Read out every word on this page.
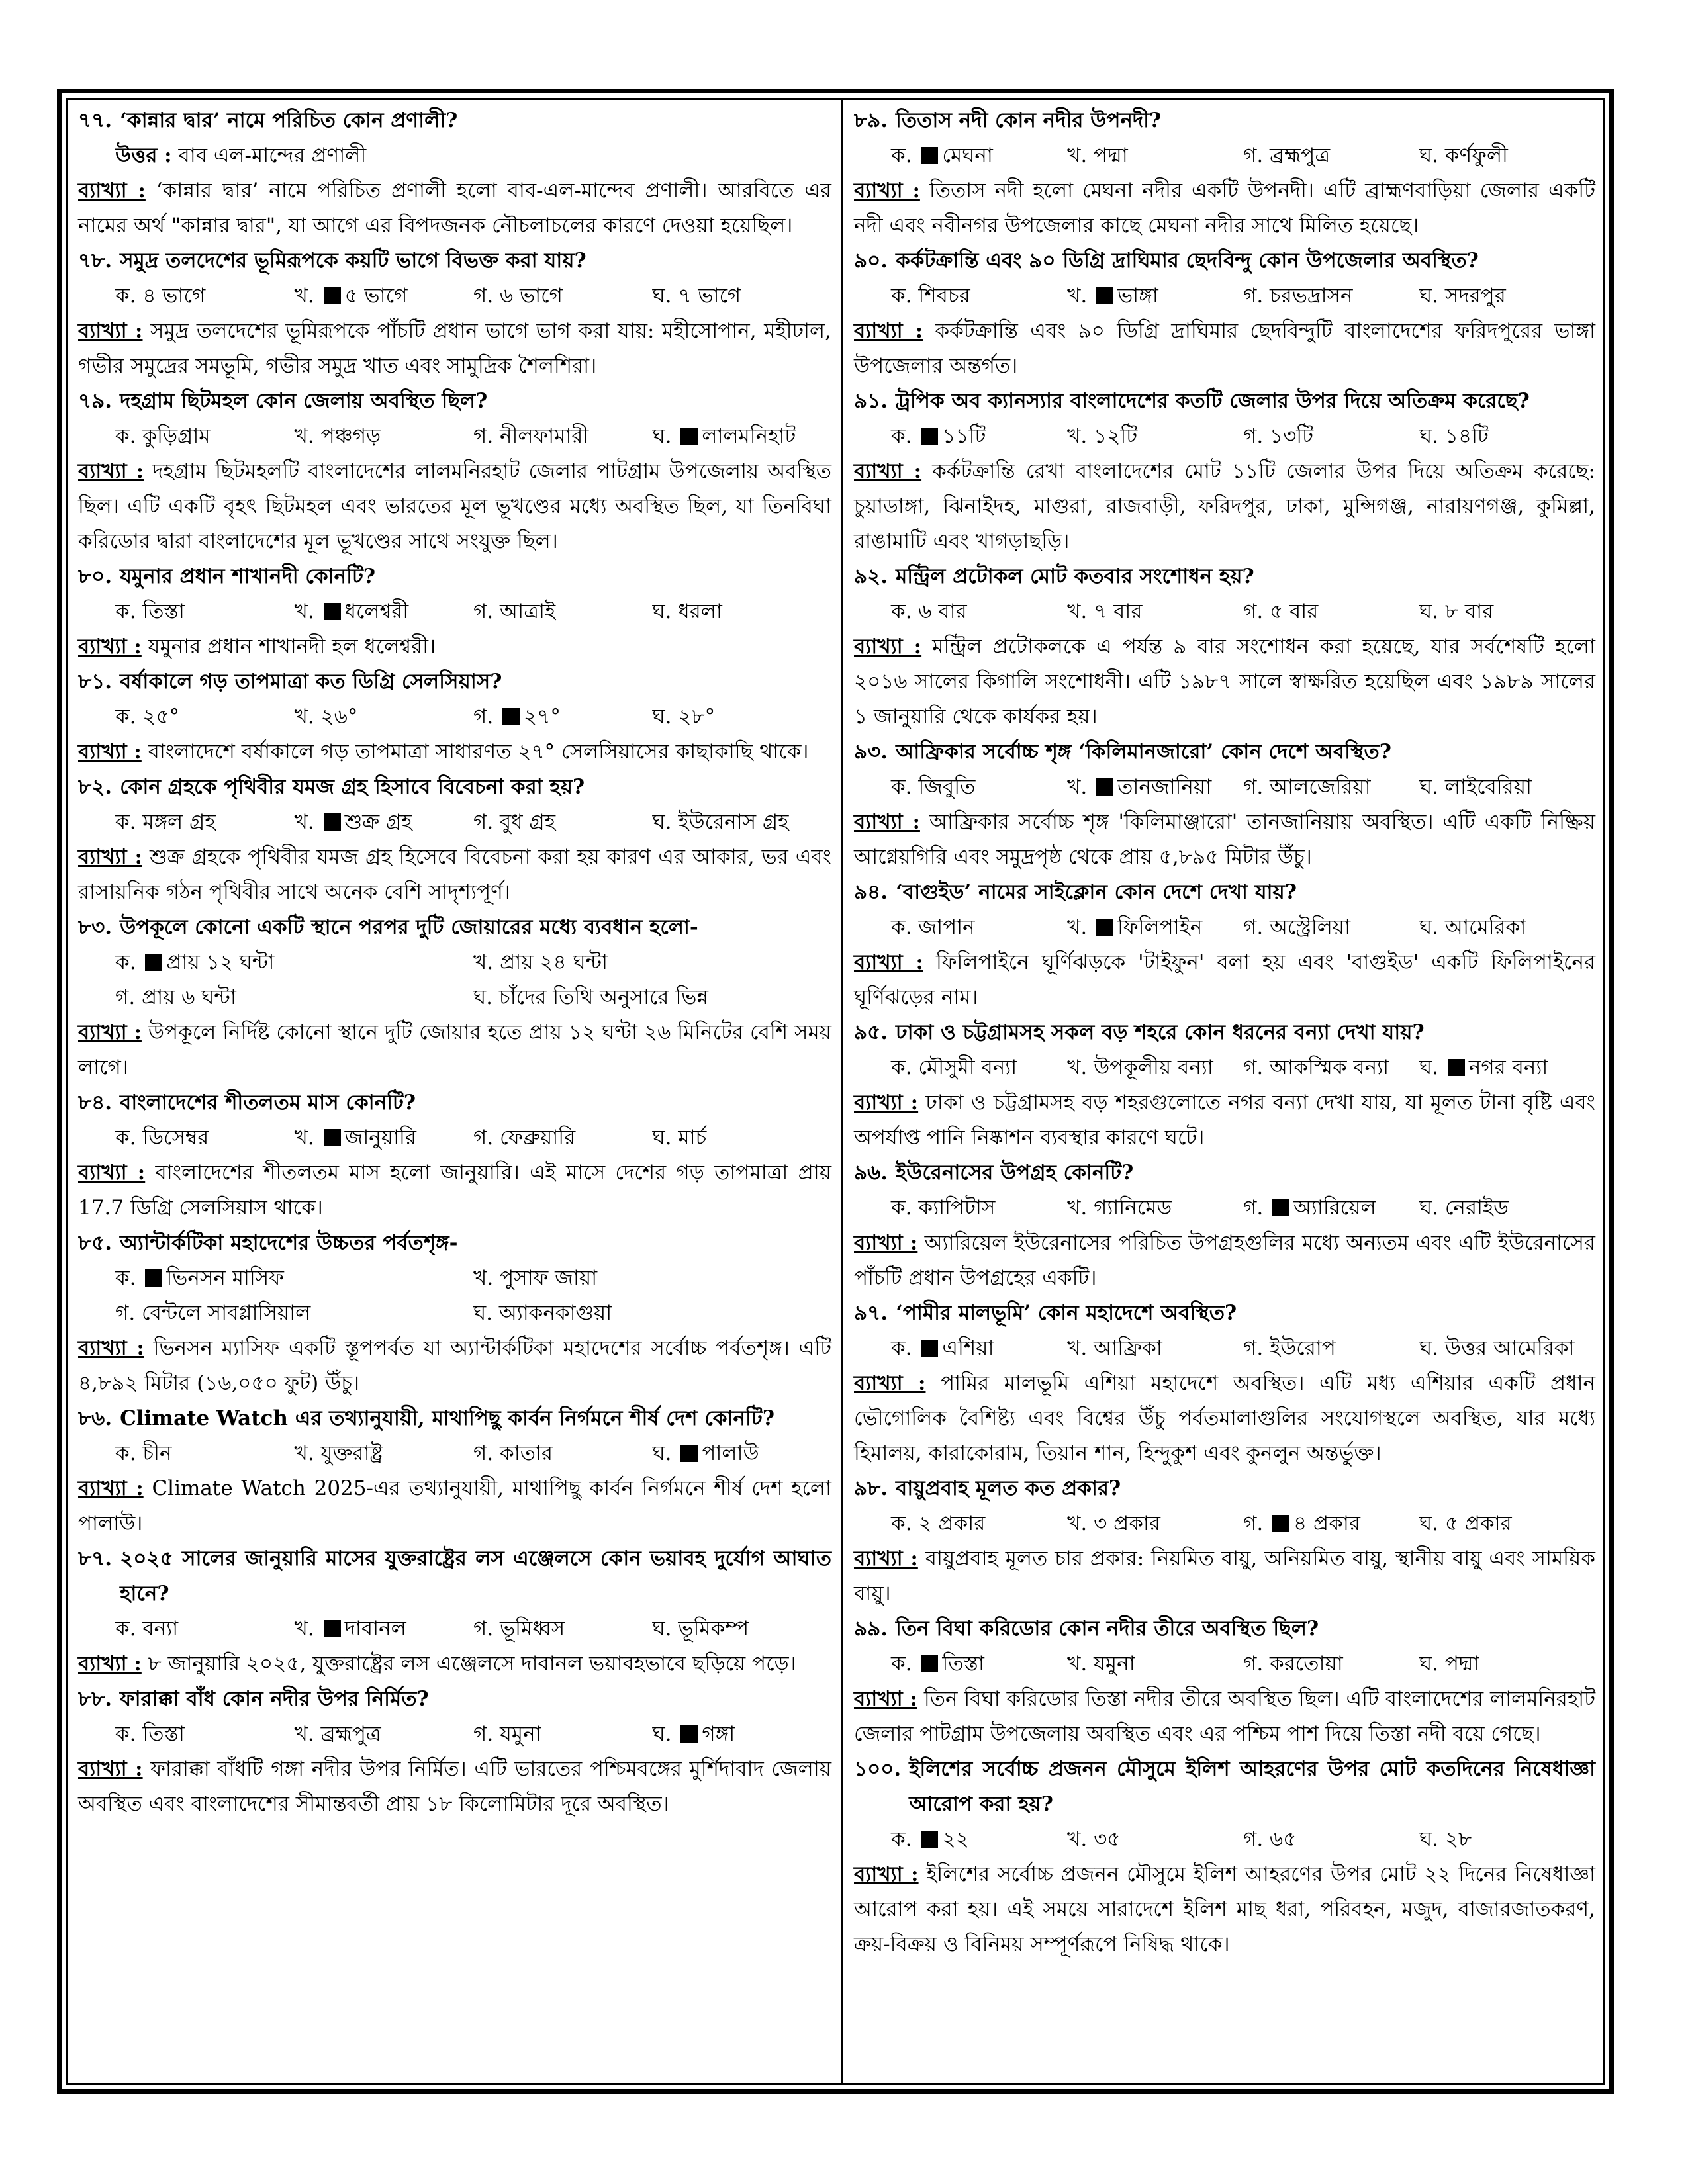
৭৭. ‘কান্নার দ্বার’ নামে পরিচিত কোন প্রণালী?
উত্তর : বাব এল-মান্দের প্রণালী
ব্যাখ্যা : ‘কান্নার দ্বার’ নামে পরিচিত প্রণালী হলো বাব-এল-মান্দেব প্রণালী। আরবিতে এর নামের অর্থ "কান্নার দ্বার", যা আগে এর বিপদজনক নৌচলাচলের কারণে দেওয়া হয়েছিল।
৭৮. সমুদ্র তলদেশের ভূমিরূপকে কয়টি ভাগে বিভক্ত করা যায়?
ক. ৪ ভাগে	খ. ৫ ভাগে	গ. ৬ ভাগে	ঘ. ৭ ভাগে
ব্যাখ্যা : সমুদ্র তলদেশের ভূমিরূপকে পাঁচটি প্রধান ভাগে ভাগ করা যায়: মহীসোপান, মহীঢাল, গভীর সমুদ্রের সমভূমি, গভীর সমুদ্র খাত এবং সামুদ্রিক শৈলশিরা।
৭৯. দহগ্রাম ছিটমহল কোন জেলায় অবস্থিত ছিল?
ক. কুড়িগ্রাম	খ. পঞ্চগড়	গ. নীলফামারী	ঘ. লালমনিহাট
ব্যাখ্যা : দহগ্রাম ছিটমহলটি বাংলাদেশের লালমনিরহাট জেলার পাটগ্রাম উপজেলায় অবস্থিত ছিল। এটি একটি বৃহৎ ছিটমহল এবং ভারতের মূল ভূখণ্ডের মধ্যে অবস্থিত ছিল, যা তিনবিঘা করিডোর দ্বারা বাংলাদেশের মূল ভূখণ্ডের সাথে সংযুক্ত ছিল।
৮০. যমুনার প্রধান শাখানদী কোনটি?
ক. তিস্তা	খ. ধলেশ্বরী	গ. আত্রাই	ঘ. ধরলা
ব্যাখ্যা : যমুনার প্রধান শাখানদী হল ধলেশ্বরী।
৮১. বর্ষাকালে গড় তাপমাত্রা কত ডিগ্রি সেলসিয়াস?
ক. ২৫°	খ. ২৬°	গ. ২৭°	ঘ. ২৮°
ব্যাখ্যা : বাংলাদেশে বর্ষাকালে গড় তাপমাত্রা সাধারণত ২৭° সেলসিয়াসের কাছাকাছি থাকে।
৮২. কোন গ্রহকে পৃথিবীর যমজ গ্রহ হিসাবে বিবেচনা করা হয়?
ক. মঙ্গল গ্রহ	খ. শুক্র গ্রহ	গ. বুধ গ্রহ	ঘ. ইউরেনাস গ্রহ
ব্যাখ্যা : শুক্র গ্রহকে পৃথিবীর যমজ গ্রহ হিসেবে বিবেচনা করা হয় কারণ এর আকার, ভর এবং রাসায়নিক গঠন পৃথিবীর সাথে অনেক বেশি সাদৃশ্যপূর্ণ।
৮৩. উপকূলে কোনো একটি স্থানে পরপর দুটি জোয়ারের মধ্যে ব্যবধান হলো-
ক. প্রায় ১২ ঘন্টা	খ. প্রায় ২৪ ঘন্টা
গ. প্রায় ৬ ঘন্টা	ঘ. চাঁদের তিথি অনুসারে ভিন্ন
ব্যাখ্যা : উপকূলে নির্দিষ্ট কোনো স্থানে দুটি জোয়ার হতে প্রায় ১২ ঘণ্টা ২৬ মিনিটের বেশি সময় লাগে।
৮৪. বাংলাদেশের শীতলতম মাস কোনটি?
ক. ডিসেম্বর	খ. জানুয়ারি	গ. ফেব্রুয়ারি	ঘ. মার্চ
ব্যাখ্যা : বাংলাদেশের শীতলতম মাস হলো জানুয়ারি। এই মাসে দেশের গড় তাপমাত্রা প্রায় 17.7 ডিগ্রি সেলসিয়াস থাকে।
৮৫. অ্যান্টার্কটিকা মহাদেশের উচ্চতর পর্বতশৃঙ্গ-
ক. ভিনসন মাসিফ	খ. পুসাফ জায়া
গ. বেন্টলে সাবগ্লাসিয়াল	ঘ. অ্যাকনকাগুয়া
ব্যাখ্যা : ভিনসন ম্যাসিফ একটি স্তূপপর্বত যা অ্যান্টার্কটিকা মহাদেশের সর্বোচ্চ পর্বতশৃঙ্গ। এটি ৪,৮৯২ মিটার (১৬,০৫০ ফুট) উঁচু।
৮৬. Climate Watch এর তথ্যানুযায়ী, মাথাপিছু কার্বন নির্গমনে শীর্ষ দেশ কোনটি?
ক. চীন	খ. যুক্তরাষ্ট্র	গ. কাতার	ঘ. পালাউ
ব্যাখ্যা : Climate Watch 2025-এর তথ্যানুযায়ী, মাথাপিছু কার্বন নির্গমনে শীর্ষ দেশ হলো পালাউ।
৮৭. ২০২৫ সালের জানুয়ারি মাসের যুক্তরাষ্ট্রের লস এঞ্জেলসে কোন ভয়াবহ দুর্যোগ আঘাত হানে?
ক. বন্যা	খ. দাবানল	গ. ভূমিধ্বস	ঘ. ভূমিকম্প
ব্যাখ্যা : ৮ জানুয়ারি ২০২৫, যুক্তরাষ্ট্রের লস এঞ্জেলসে দাবানল ভয়াবহভাবে ছড়িয়ে পড়ে।
৮৮. ফারাক্কা বাঁধ কোন নদীর উপর নির্মিত?
ক. তিস্তা	খ. ব্রহ্মপুত্র	গ. যমুনা	ঘ. গঙ্গা
ব্যাখ্যা : ফারাক্কা বাঁধটি গঙ্গা নদীর উপর নির্মিত। এটি ভারতের পশ্চিমবঙ্গের মুর্শিদাবাদ জেলায় অবস্থিত এবং বাংলাদেশের সীমান্তবর্তী প্রায় ১৮ কিলোমিটার দূরে অবস্থিত।
৮৯. তিতাস নদী কোন নদীর উপনদী?
ক. মেঘনা	খ. পদ্মা	গ. ব্রহ্মপুত্র	ঘ. কর্ণফুলী
ব্যাখ্যা : তিতাস নদী হলো মেঘনা নদীর একটি উপনদী। এটি ব্রাহ্মণবাড়িয়া জেলার একটি নদী এবং নবীনগর উপজেলার কাছে মেঘনা নদীর সাথে মিলিত হয়েছে।
৯০. কর্কটক্রান্তি এবং ৯০ ডিগ্রি দ্রাঘিমার ছেদবিন্দু কোন উপজেলার অবস্থিত?
ক. শিবচর	খ. ভাঙ্গা	গ. চরভদ্রাসন	ঘ. সদরপুর
ব্যাখ্যা : কর্কটক্রান্তি এবং ৯০ ডিগ্রি দ্রাঘিমার ছেদবিন্দুটি বাংলাদেশের ফরিদপুরের ভাঙ্গা উপজেলার অন্তর্গত।
৯১. ট্রপিক অব ক্যানস্যার বাংলাদেশের কতটি জেলার উপর দিয়ে অতিক্রম করেছে?
ক. ১১টি	খ. ১২টি	গ. ১৩টি	ঘ. ১৪টি
ব্যাখ্যা : কর্কটক্রান্তি রেখা বাংলাদেশের মোট ১১টি জেলার উপর দিয়ে অতিক্রম করেছে: চুয়াডাঙ্গা, ঝিনাইদহ, মাগুরা, রাজবাড়ী, ফরিদপুর, ঢাকা, মুন্সিগঞ্জ, নারায়ণগঞ্জ, কুমিল্লা, রাঙামাটি এবং খাগড়াছড়ি।
৯২. মন্ট্রিল প্রটোকল মোট কতবার সংশোধন হয়?
ক. ৬ বার	খ. ৭ বার	গ. ৫ বার	ঘ. ৮ বার
ব্যাখ্যা : মন্ট্রিল প্রটোকলকে এ পর্যন্ত ৯ বার সংশোধন করা হয়েছে, যার সর্বশেষটি হলো ২০১৬ সালের কিগালি সংশোধনী। এটি ১৯৮৭ সালে স্বাক্ষরিত হয়েছিল এবং ১৯৮৯ সালের ১ জানুয়ারি থেকে কার্যকর হয়।
৯৩. আফ্রিকার সর্বোচ্চ শৃঙ্গ ‘কিলিমানজারো’ কোন দেশে অবস্থিত?
ক. জিবুতি	খ. তানজানিয়া	গ. আলজেরিয়া	ঘ. লাইবেরিয়া
ব্যাখ্যা : আফ্রিকার সর্বোচ্চ শৃঙ্গ 'কিলিমাঞ্জারো' তানজানিয়ায় অবস্থিত। এটি একটি নিষ্ক্রিয় আগ্নেয়গিরি এবং সমুদ্রপৃষ্ঠ থেকে প্রায় ৫,৮৯৫ মিটার উঁচু।
৯৪. ‘বাগুইড’ নামের সাইক্লোন কোন দেশে দেখা যায়?
ক. জাপান	খ. ফিলিপাইন	গ. অস্ট্রেলিয়া	ঘ. আমেরিকা
ব্যাখ্যা : ফিলিপাইনে ঘূর্ণিঝড়কে 'টাইফুন' বলা হয় এবং 'বাগুইড' একটি ফিলিপাইনের ঘূর্ণিঝড়ের নাম।
৯৫. ঢাকা ও চট্টগ্রামসহ সকল বড় শহরে কোন ধরনের বন্যা দেখা যায়?
ক. মৌসুমী বন্যা	খ. উপকূলীয় বন্যা	গ. আকস্মিক বন্যা	ঘ. নগর বন্যা
ব্যাখ্যা : ঢাকা ও চট্টগ্রামসহ বড় শহরগুলোতে নগর বন্যা দেখা যায়, যা মূলত টানা বৃষ্টি এবং অপর্যাপ্ত পানি নিষ্কাশন ব্যবস্থার কারণে ঘটে।
৯৬. ইউরেনাসের উপগ্রহ কোনটি?
ক. ক্যাপিটাস	খ. গ্যানিমেড	গ. অ্যারিয়েল	ঘ. নেরাইড
ব্যাখ্যা : অ্যারিয়েল ইউরেনাসের পরিচিত উপগ্রহগুলির মধ্যে অন্যতম এবং এটি ইউরেনাসের পাঁচটি প্রধান উপগ্রহের একটি।
৯৭. ‘পামীর মালভূমি’ কোন মহাদেশে অবস্থিত?
ক. এশিয়া	খ. আফ্রিকা	গ. ইউরোপ	ঘ. উত্তর আমেরিকা
ব্যাখ্যা : পামির মালভূমি এশিয়া মহাদেশে অবস্থিত। এটি মধ্য এশিয়ার একটি প্রধান ভৌগোলিক বৈশিষ্ট্য এবং বিশ্বের উঁচু পর্বতমালাগুলির সংযোগস্থলে অবস্থিত, যার মধ্যে হিমালয়, কারাকোরাম, তিয়ান শান, হিন্দুকুশ এবং কুনলুন অন্তর্ভুক্ত।
৯৮. বায়ুপ্রবাহ মূলত কত প্রকার?
ক. ২ প্রকার	খ. ৩ প্রকার	গ. ৪ প্রকার	ঘ. ৫ প্রকার
ব্যাখ্যা : বায়ুপ্রবাহ মূলত চার প্রকার: নিয়মিত বায়ু, অনিয়মিত বায়ু, স্থানীয় বায়ু এবং সাময়িক বায়ু।
৯৯. তিন বিঘা করিডোর কোন নদীর তীরে অবস্থিত ছিল?
ক. তিস্তা	খ. যমুনা	গ. করতোয়া	ঘ. পদ্মা
ব্যাখ্যা : তিন বিঘা করিডোর তিস্তা নদীর তীরে অবস্থিত ছিল। এটি বাংলাদেশের লালমনিরহাট জেলার পাটগ্রাম উপজেলায় অবস্থিত এবং এর পশ্চিম পাশ দিয়ে তিস্তা নদী বয়ে গেছে।
১০০. ইলিশের সর্বোচ্চ প্রজনন মৌসুমে ইলিশ আহরণের উপর মোট কতদিনের নিষেধাজ্ঞা আরোপ করা হয়?
ক. ২২	খ. ৩৫	গ. ৬৫	ঘ. ২৮
ব্যাখ্যা : ইলিশের সর্বোচ্চ প্রজনন মৌসুমে ইলিশ আহরণের উপর মোট ২২ দিনের নিষেধাজ্ঞা আরোপ করা হয়। এই সময়ে সারাদেশে ইলিশ মাছ ধরা, পরিবহন, মজুদ, বাজারজাতকরণ, ক্রয়-বিক্রয় ও বিনিময় সম্পূর্ণরূপে নিষিদ্ধ থাকে।
